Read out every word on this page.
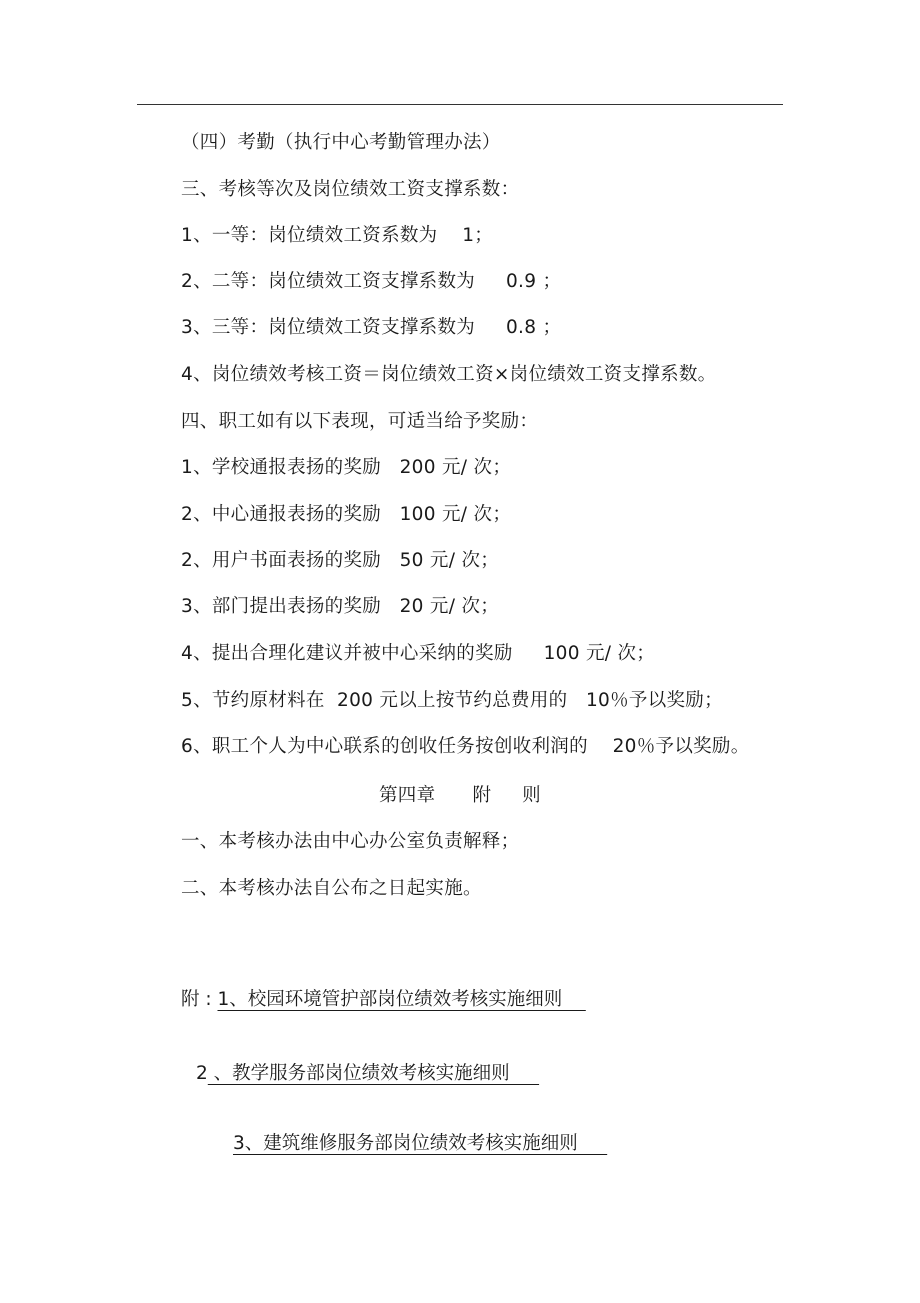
（四）考勤（执行中心考勤管理办法）
三、考核等次及岗位绩效工资支撑系数：
1、一等：岗位绩效工资系数为    1；
2、二等：岗位绩效工资支撑系数为     0.9 ；
3、三等：岗位绩效工资支撑系数为     0.8 ；
4、岗位绩效考核工资＝岗位绩效工资×岗位绩效工资支撑系数。
四、职工如有以下表现，可适当给予奖励：
1、学校通报表扬的奖励   200 元/ 次；
2、中心通报表扬的奖励   100 元/ 次；
2、用户书面表扬的奖励   50 元/ 次；
3、部门提出表扬的奖励   20 元/ 次；
4、提出合理化建议并被中心采纳的奖励     100 元/ 次；
5、节约原材料在  200 元以上按节约总费用的   10％予以奖励；
6、职工个人为中心联系的创收任务按创收利润的    20％予以奖励。
第四章      附     则
一、本考核办法由中心办公室负责解释；
二、本考核办法自公布之日起实施。
附 : 1、校园环境管护部岗位绩效考核实施细则
2 、教学服务部岗位绩效考核实施细则
3、建筑维修服务部岗位绩效考核实施细则
